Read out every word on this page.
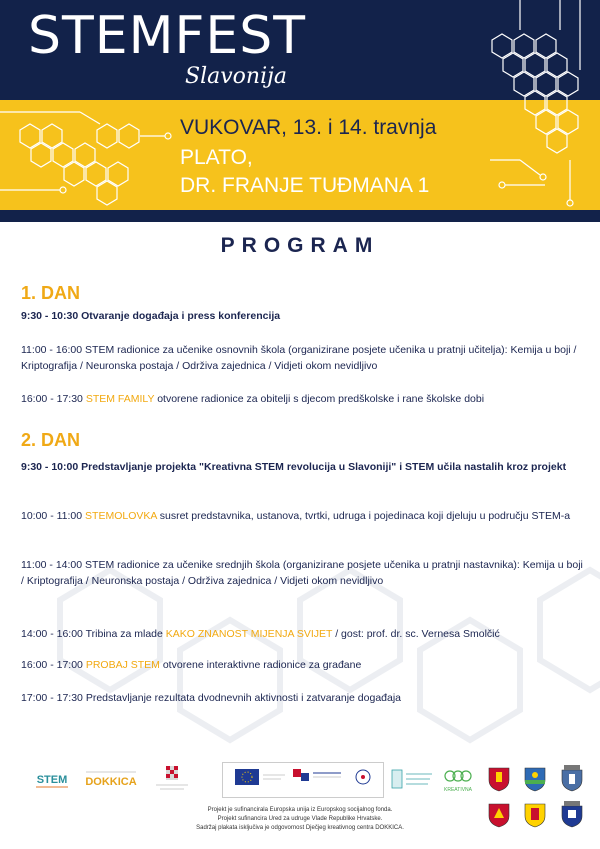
STEMFEST
Slavonija
VUKOVAR, 13. i 14. travnja
PLATO,
DR. FRANJE TUĐMANA 1
PROGRAM
1. DAN
9:30 - 10:30 Otvaranje događaja i press konferencija
11:00 - 16:00 STEM radionice za učenike osnovnih škola (organizirane posjete učenika u pratnji učitelja): Kemija u boji / Kriptografija / Neuronska postaja / Održiva zajednica / Vidjeti okom nevidljivo
16:00 - 17:30 STEM FAMILY otvorene radionice za obitelji s djecom predškolske i rane školske dobi
2. DAN
9:30 - 10:00 Predstavljanje projekta "Kreativna STEM revolucija u Slavoniji" i STEM učila nastalih kroz projekt
10:00 - 11:00 STEMOLOVKA susret predstavnika, ustanova, tvrtki, udruga i pojedinaca koji djeluju u području STEM-a
11:00 - 14:00 STEM radionice za učenike srednjih škola (organizirane posjete učenika u pratnji nastavnika): Kemija u boji / Kriptografija / Neuronska postaja / Održiva zajednica / Vidjeti okom nevidljivo
14:00 - 16:00 Tribina za mlade KAKO ZNANOST MIJENJA SVIJET / gost: prof. dr. sc. Vernesa Smolčić
16:00 - 17:00 PROBAJ STEM otvorene interaktivne radionice za građane
17:00 - 17:30 Predstavljanje rezultata dvodnevnih aktivnosti i zatvaranje događaja
STEM DOKKICA
KREATIVNA
Projekt je sufinancirala Europska unija iz Europskog socijalnog fonda.
Projekt sufinancira Ured za udruge Vlade Republike Hrvatske.
Sadržaj plakata isključiva je odgovornost Dječjeg kreativnog centra DOKKICA.
